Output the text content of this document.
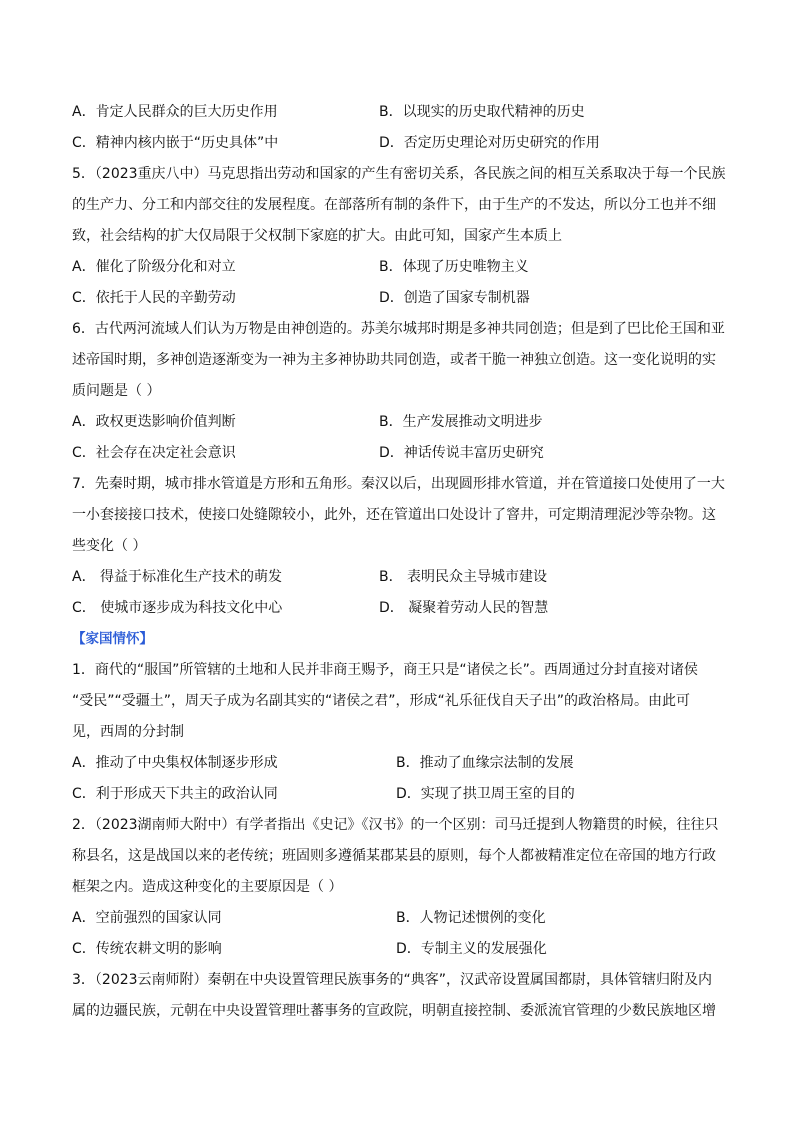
A．肯定人民群众的巨大历史作用	B．以现实的历史取代精神的历史
C．精神内核内嵌于“历史具体”中	D．否定历史理论对历史研究的作用
5．（2023重庆八中）马克思指出劳动和国家的产生有密切关系，各民族之间的相互关系取决于每一个民族
的生产力、分工和内部交往的发展程度。在部落所有制的条件下，由于生产的不发达，所以分工也并不细
致，社会结构的扩大仅局限于父权制下家庭的扩大。由此可知，国家产生本质上
A．催化了阶级分化和对立	B．体现了历史唯物主义
C．依托于人民的辛勤劳动	D．创造了国家专制机器
6．古代两河流域人们认为万物是由神创造的。苏美尔城邦时期是多神共同创造；但是到了巴比伦王国和亚
述帝国时期，多神创造逐渐变为一神为主多神协助共同创造，或者干脆一神独立创造。这一变化说明的实
质问题是（ ）
A．政权更迭影响价值判断	B．生产发展推动文明进步
C．社会存在决定社会意识	D．神话传说丰富历史研究
7．先秦时期，城市排水管道是方形和五角形。秦汉以后，出现圆形排水管道，并在管道接口处使用了一大
一小套接接口技术，使接口处缝隙较小，此外，还在管道出口处设计了窨井，可定期清理泥沙等杂物。这
些变化（ ）
A． 得益于标准化生产技术的萌发	B． 表明民众主导城市建设
C． 使城市逐步成为科技文化中心	D． 凝聚着劳动人民的智慧
【家国情怀】
1．商代的“服国”所管辖的土地和人民并非商王赐予，商王只是“诸侯之长”。西周通过分封直接对诸侯
“受民”“受疆土”，周天子成为名副其实的“诸侯之君”，形成“礼乐征伐自天子出”的政治格局。由此可
见，西周的分封制
A．推动了中央集权体制逐步形成	B．推动了血缘宗法制的发展
C．利于形成天下共主的政治认同	D．实现了拱卫周王室的目的
2．（2023湖南师大附中）有学者指出《史记》《汉书》的一个区别：司马迁提到人物籍贯的时候，往往只
称县名，这是战国以来的老传统；班固则多遵循某郡某县的原则，每个人都被精准定位在帝国的地方行政
框架之内。造成这种变化的主要原因是（ ）
A．空前强烈的国家认同	B．人物记述惯例的变化
C．传统农耕文明的影响	D．专制主义的发展强化
3．（2023云南师附）秦朝在中央设置管理民族事务的“典客”，汉武帝设置属国都尉，具体管辖归附及内
属的边疆民族，元朝在中央设置管理吐蕃事务的宣政院，明朝直接控制、委派流官管理的少数民族地区增
